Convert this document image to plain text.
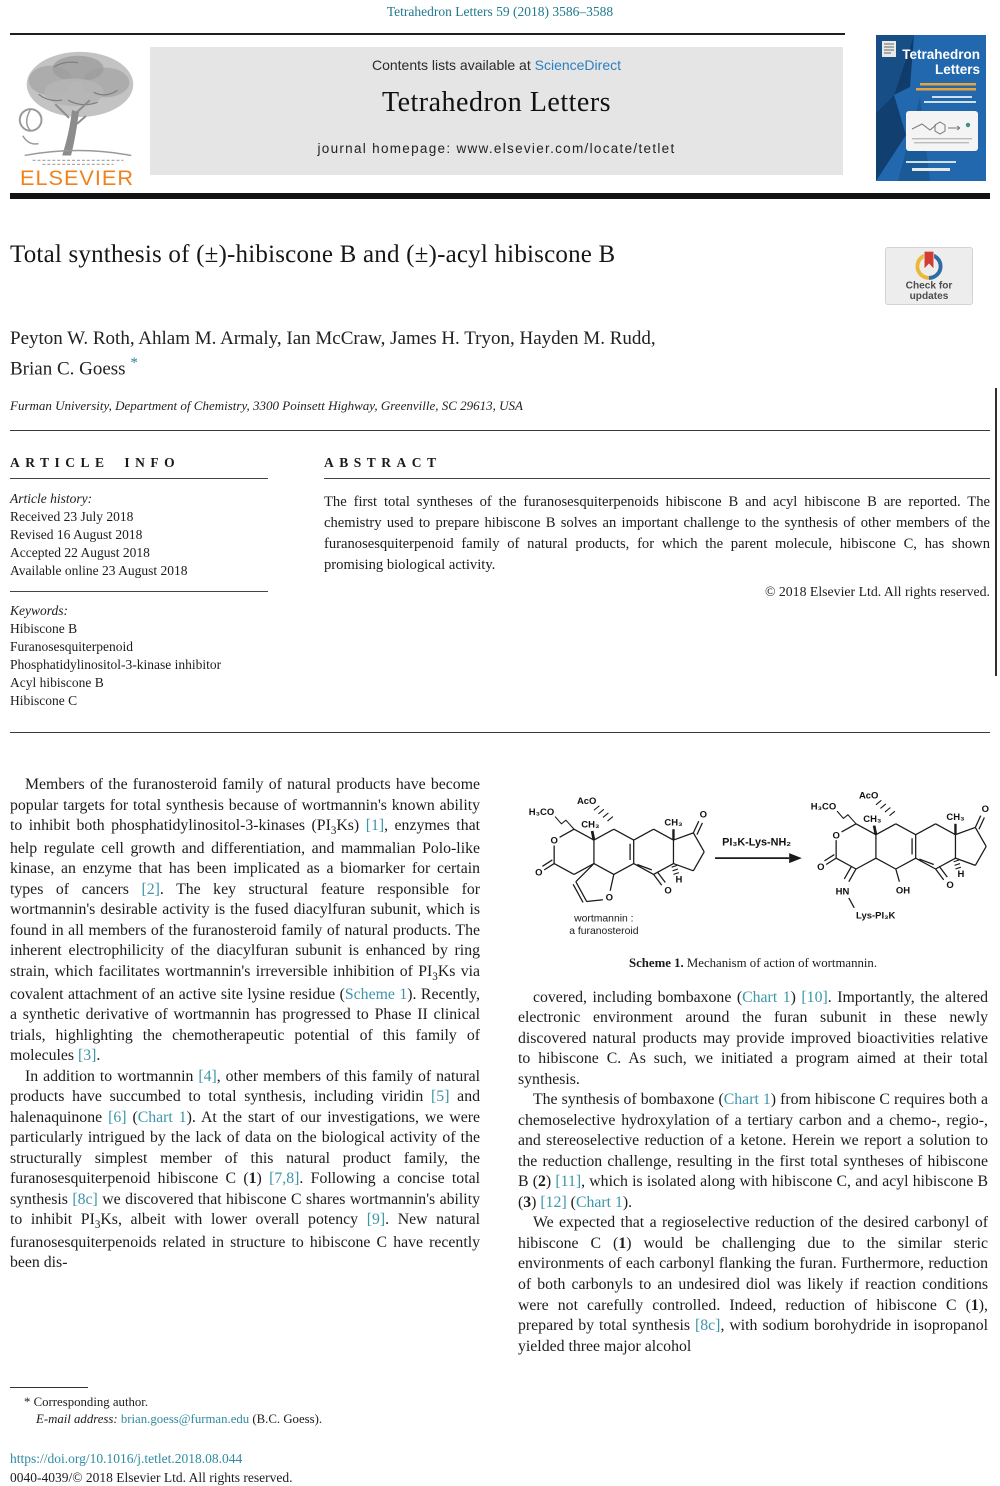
Tetrahedron Letters 59 (2018) 3586–3588
ELSEVIER
Contents lists available at ScienceDirect
Tetrahedron Letters
journal homepage: www.elsevier.com/locate/tetlet
Tetrahedron
Letters
Total synthesis of (±)-hibiscone B and (±)-acyl hibiscone B
Check for
updates
Peyton W. Roth, Ahlam M. Armaly, Ian McCraw, James H. Tryon, Hayden M. Rudd,
Brian C. Goess *
Furman University, Department of Chemistry, 3300 Poinsett Highway, Greenville, SC 29613, USA
ARTICLE INFO
Article history:
Received 23 July 2018
Revised 16 August 2018
Accepted 22 August 2018
Available online 23 August 2018
Keywords:
Hibiscone B
Furanosesquiterpenoid
Phosphatidylinositol-3-kinase inhibitor
Acyl hibiscone B
Hibiscone C
ABSTRACT
The first total syntheses of the furanosesquiterpenoids hibiscone B and acyl hibiscone B are reported. The chemistry used to prepare hibiscone B solves an important challenge to the synthesis of other members of the furanosesquiterpenoid family of natural products, for which the parent molecule, hibiscone C, has shown promising biological activity.
© 2018 Elsevier Ltd. All rights reserved.

Members of the furanosteroid family of natural products have become popular targets for total synthesis because of wortmannin's known ability to inhibit both phosphatidylinositol-3-kinases $(PI_3Ks)$ [1], enzymes that help regulate cell growth and differentiation, and mammalian Polo-like kinase, an enzyme that has been implicated as a biomarker for certain types of cancers [2]. The key structural feature responsible for wortmannin's desirable activity is the fused diacylfuran subunit, which is found in all members of the furanosteroid family of natural products. The inherent electrophilicity of the diacylfuran subunit is enhanced by ring strain, which facilitates wortmannin's irreversible inhibition of $PI_3Ks$ via covalent attachment of an active site lysine residue (Scheme 1). Recently, a synthetic derivative of wortmannin has progressed to Phase II clinical trials, highlighting the chemotherapeutic potential of this family of molecules [3].

In addition to wortmannin [4], other members of this family of natural products have succumbed to total synthesis, including viridin [5] and halenaquinone [6] (Chart 1). At the start of our investigations, we were particularly intrigued by the lack of data on the biological activity of the structurally simplest member of this natural product family, the furanosesquiterpenoid hibiscone C (1) [7,8]. Following a concise total synthesis [8c] we discovered that hibiscone C shares wortmannin's ability to inhibit $PI_3Ks$, albeit with lower overall potency [9]. New natural furanosesquiterpenoids related in structure to hibiscone C have recently been dis-

H₃CO
AcO
CH₃	CH₃
O
O
O
O
O
H
wortmannin :
a furanosteroid
PI₃K-Lys-NH₂
H₃CO
AcO
CH₃	CH₃
O
O
O
O
H
OH
HN
Lys-PI₃K
Scheme 1. Mechanism of action of wortmannin.

covered, including bombaxone (Chart 1) [10]. Importantly, the altered electronic environment around the furan subunit in these newly discovered natural products may provide improved bioactivities relative to hibiscone C. As such, we initiated a program aimed at their total synthesis.

The synthesis of bombaxone (Chart 1) from hibiscone C requires both a chemoselective hydroxylation of a tertiary carbon and a chemo-, regio-, and stereoselective reduction of a ketone. Herein we report a solution to the reduction challenge, resulting in the first total syntheses of hibiscone B (2) [11], which is isolated along with hibiscone C, and acyl hibiscone B (3) [12] (Chart 1).

We expected that a regioselective reduction of the desired carbonyl of hibiscone C (1) would be challenging due to the similar steric environments of each carbonyl flanking the furan. Furthermore, reduction of both carbonyls to an undesired diol was likely if reaction conditions were not carefully controlled. Indeed, reduction of hibiscone C (1), prepared by total synthesis [8c], with sodium borohydride in isopropanol yielded three major alcohol

* Corresponding author.
E-mail address: brian.goess@furman.edu (B.C. Goess).
https://doi.org/10.1016/j.tetlet.2018.08.044
0040-4039/© 2018 Elsevier Ltd. All rights reserved.
